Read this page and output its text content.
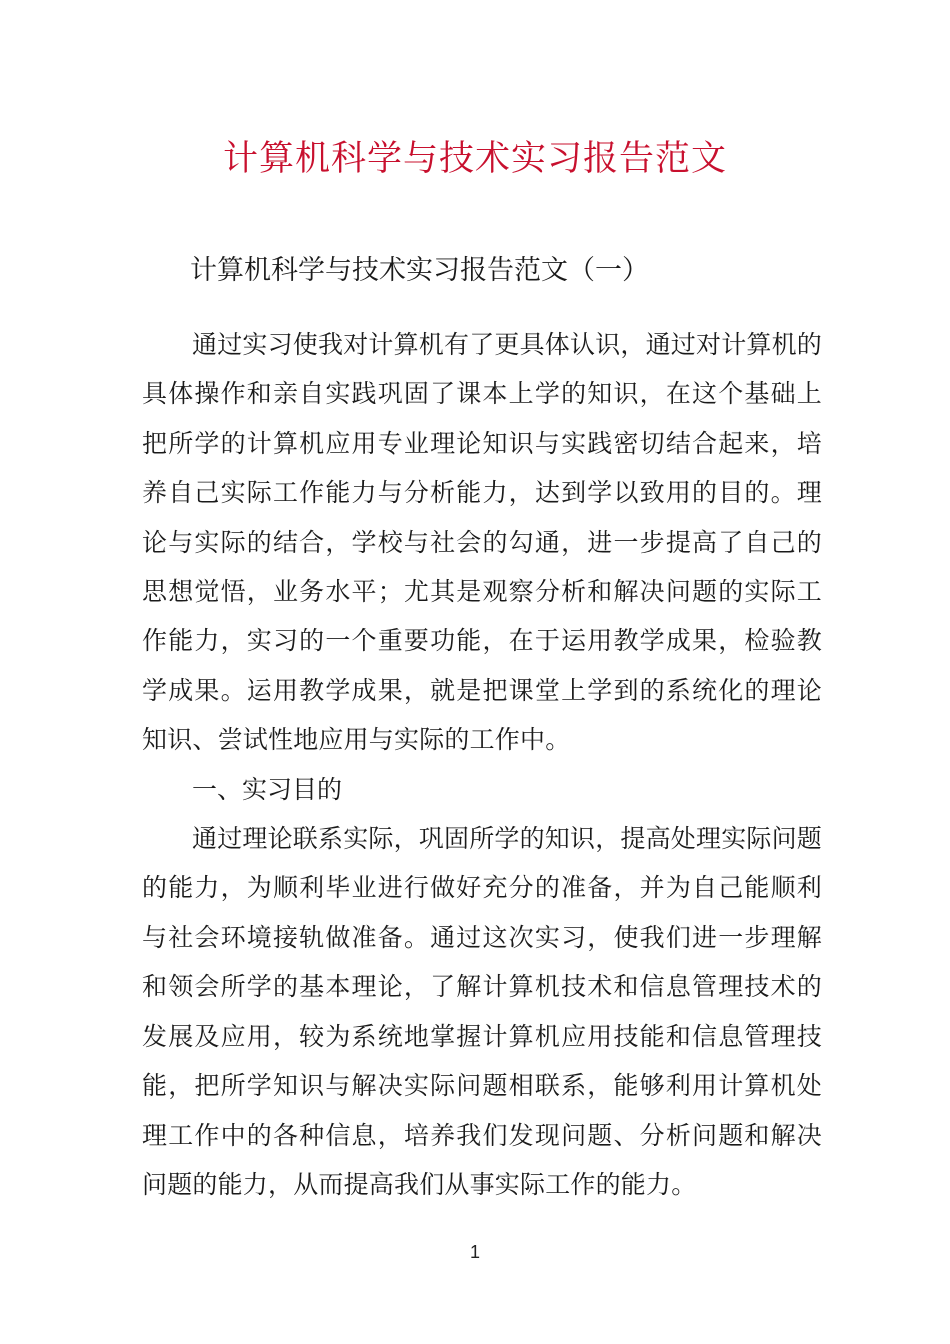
计算机科学与技术实习报告范文
计算机科学与技术实习报告范文（一）

通过实习使我对计算机有了更具体认识，通过对计算机的具体操作和亲自实践巩固了课本上学的知识，在这个基础上把所学的计算机应用专业理论知识与实践密切结合起来，培养自己实际工作能力与分析能力，达到学以致用的目的。理论与实际的结合，学校与社会的勾通，进一步提高了自己的思想觉悟，业务水平；尤其是观察分析和解决问题的实际工作能力，实习的一个重要功能，在于运用教学成果，检验教学成果。运用教学成果，就是把课堂上学到的系统化的理论知识、尝试性地应用与实际的工作中。

一、实习目的

通过理论联系实际，巩固所学的知识，提高处理实际问题的能力，为顺利毕业进行做好充分的准备，并为自己能顺利与社会环境接轨做准备。通过这次实习，使我们进一步理解和领会所学的基本理论，了解计算机技术和信息管理技术的发展及应用，较为系统地掌握计算机应用技能和信息管理技能，把所学知识与解决实际问题相联系，能够利用计算机处理工作中的各种信息，培养我们发现问题、分析问题和解决问题的能力，从而提高我们从事实际工作的能力。

1
